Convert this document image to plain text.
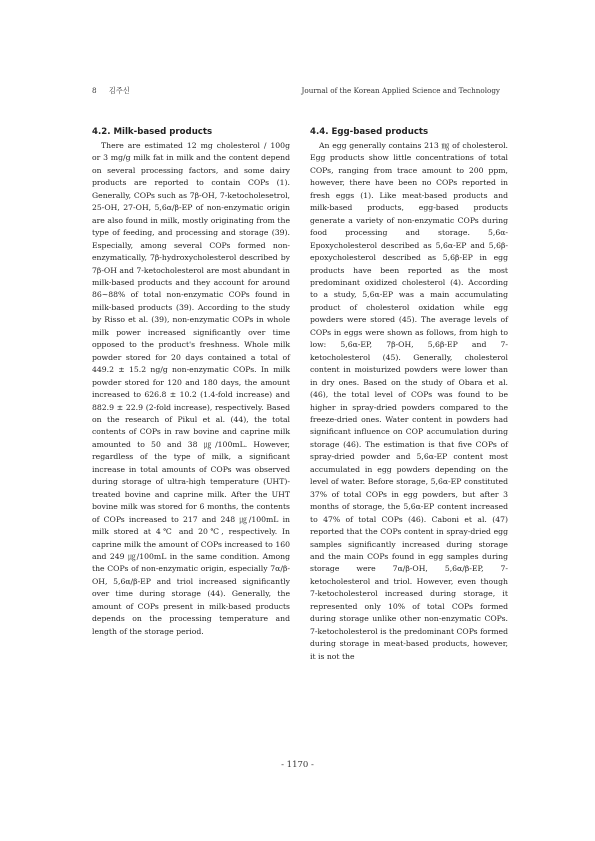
8 김주신	Journal of the Korean Applied Science and Technology
4.2. Milk-based products

There are estimated 12 mg cholesterol / 100g or 3 mg/g milk fat in milk and the content depend on several processing factors, and some dairy products are reported to contain COPs (1). Generally, COPs such as 7β-OH, 7-ketocholesetrol, 25-OH, 27-OH, 5,6α/β-EP of non-enzymatic origin are also found in milk, mostly originating from the type of feeding, and processing and storage (39). Especially, among several COPs formed non-enzymatically, 7β-hydroxycholesterol described by 7β-OH and 7-ketocholesterol are most abundant in milk-based products and they account for around 86~88% of total non-enzymatic COPs found in milk-based products (39). According to the study by Risso et al. (39), non-enzymatic COPs in whole milk power increased significantly over time opposed to the product's freshness. Whole milk powder stored for 20 days contained a total of 449.2 ± 15.2 ng/g non-enzymatic COPs. In milk powder stored for 120 and 180 days, the amount increased to 626.8 ± 10.2 (1.4-fold increase) and 882.9 ± 22.9 (2-fold increase), respectively. Based on the research of Pikul et al. (44), the total contents of COPs in raw bovine and caprine milk amounted to 50 and 38 ㎍/100mL. However, regardless of the type of milk, a significant increase in total amounts of COPs was observed during storage of ultra-high temperature (UHT)-treated bovine and caprine milk. After the UHT bovine milk was stored for 6 months, the contents of COPs increased to 217 and 248 ㎍/100mL in milk stored at 4℃ and 20℃, respectively. In caprine milk the amount of COPs increased to 160 and 249 ㎍/100mL in the same condition. Among the COPs of non-enzymatic origin, especially 7α/β-OH, 5,6α/β-EP and triol increased significantly over time during storage (44). Generally, the amount of COPs present in milk-based products depends on the processing temperature and length of the storage period.

4.4. Egg-based products

An egg generally contains 213 ㎎ of cholesterol. Egg products show little concentrations of total COPs, ranging from trace amount to 200 ppm, however, there have been no COPs reported in fresh eggs (1). Like meat-based products and milk-based products, egg-based products generate a variety of non-enzymatic COPs during food processing and storage. 5,6α-Epoxycholesterol described as 5,6α-EP and 5,6β-epoxycholesterol described as 5,6β-EP in egg products have been reported as the most predominant oxidized cholesterol (4). According to a study, 5,6α-EP was a main accumulating product of cholesterol oxidation while egg powders were stored (45). The average levels of COPs in eggs were shown as follows, from high to low: 5,6α-EP, 7β-OH, 5,6β-EP and 7-ketocholesterol (45). Generally, cholesterol content in moisturized powders were lower than in dry ones. Based on the study of Obara et al. (46), the total level of COPs was found to be higher in spray-dried powders compared to the freeze-dried ones. Water content in powders had significant influence on COP accumulation during storage (46). The estimation is that five COPs of spray-dried powder and 5,6α-EP content most accumulated in egg powders depending on the level of water. Before storage, 5,6α-EP constituted 37% of total COPs in egg powders, but after 3 months of storage, the 5,6α-EP content increased to 47% of total COPs (46). Caboni et al. (47) reported that the COPs content in spray-dried egg samples significantly increased during storage and the main COPs found in egg samples during storage were 7α/β-OH, 5,6α/β-EP, 7-ketocholesterol and triol. However, even though 7-ketocholesterol increased during storage, it represented only 10% of total COPs formed during storage unlike other non-enzymatic COPs. 7-ketocholesterol is the predominant COPs formed during storage in meat-based products, however, it is not the

- 1170 -
